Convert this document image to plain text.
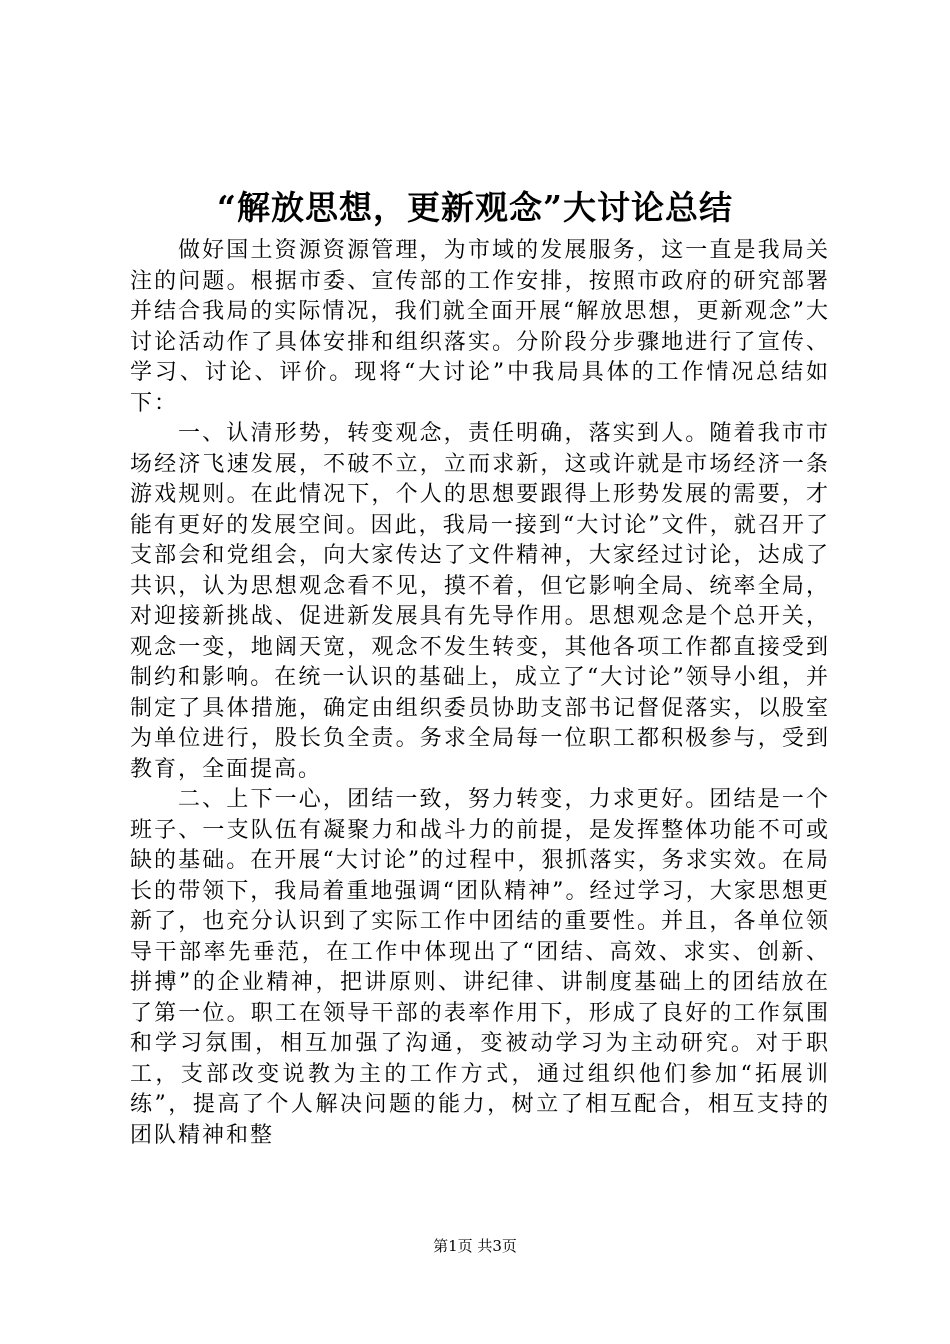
“解放思想，更新观念”大讨论总结

做好国土资源资源管理，为市域的发展服务，这一直是我局关注的问题。根据市委、宣传部的工作安排，按照市政府的研究部署并结合我局的实际情况，我们就全面开展“解放思想，更新观念”大讨论活动作了具体安排和组织落实。分阶段分步骤地进行了宣传、学习、讨论、评价。现将“大讨论”中我局具体的工作情况总结如下：

一、认清形势，转变观念，责任明确，落实到人。随着我市市场经济飞速发展，不破不立，立而求新，这或许就是市场经济一条游戏规则。在此情况下，个人的思想要跟得上形势发展的需要，才能有更好的发展空间。因此，我局一接到“大讨论”文件，就召开了支部会和党组会，向大家传达了文件精神，大家经过讨论，达成了共识，认为思想观念看不见，摸不着，但它影响全局、统率全局，对迎接新挑战、促进新发展具有先导作用。思想观念是个总开关，观念一变，地阔天宽，观念不发生转变，其他各项工作都直接受到制约和影响。在统一认识的基础上，成立了“大讨论”领导小组，并制定了具体措施，确定由组织委员协助支部书记督促落实，以股室为单位进行，股长负全责。务求全局每一位职工都积极参与，受到教育，全面提高。

二、上下一心，团结一致，努力转变，力求更好。团结是一个班子、一支队伍有凝聚力和战斗力的前提，是发挥整体功能不可或缺的基础。在开展“大讨论”的过程中，狠抓落实，务求实效。在局长的带领下，我局着重地强调“团队精神”。经过学习，大家思想更新了，也充分认识到了实际工作中团结的重要性。并且，各单位领导干部率先垂范，在工作中体现出了“团结、高效、求实、创新、拼搏”的企业精神，把讲原则、讲纪律、讲制度基础上的团结放在了第一位。职工在领导干部的表率作用下，形成了良好的工作氛围和学习氛围，相互加强了沟通，变被动学习为主动研究。对于职工，支部改变说教为主的工作方式，通过组织他们参加“拓展训练”，提高了个人解决问题的能力，树立了相互配合，相互支持的团队精神和整

第1页 共3页
